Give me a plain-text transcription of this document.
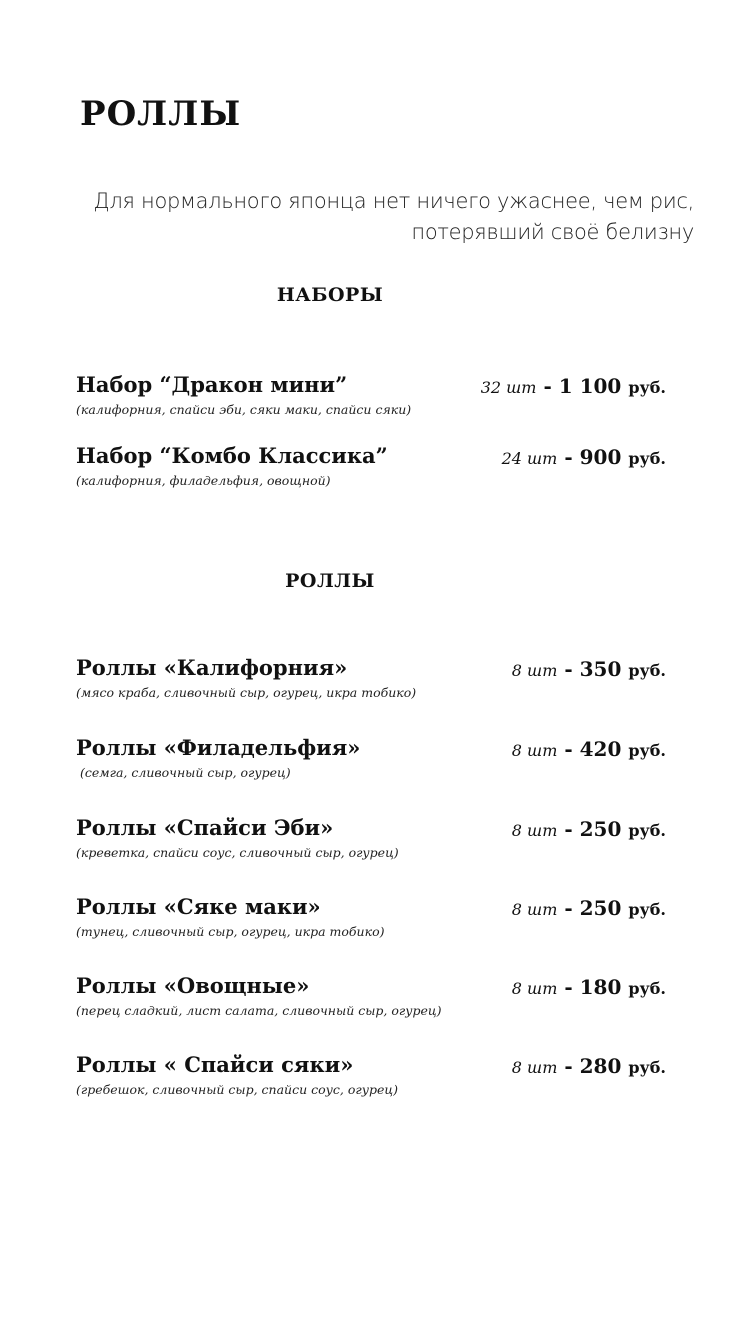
РОЛЛЫ
Для нормального японца нет ничего ужаснее, чем рис, потерявший своё белизну
НАБОРЫ
Набор “Дракон мини”
(калифорния, спайси эби, сяки маки, спайси сяки)
32 шт - 1 100 руб.
Набор “Комбо Классика”
(калифорния, филадельфия, овощной)
24 шт - 900 руб.
РОЛЛЫ
Роллы «Калифорния»
(мясо краба, сливочный сыр, огурец, икра тобико)
8 шт - 350 руб.
Роллы «Филадельфия»
(семга, сливочный сыр, огурец)
8 шт - 420 руб.
Роллы «Спайси Эби»
(креветка, спайси соус, сливочный сыр, огурец)
8 шт - 250 руб.
Роллы «Сяке маки»
(тунец, сливочный сыр, огурец, икра тобико)
8 шт - 250 руб.
Роллы «Овощные»
(перец сладкий, лист салата, сливочный сыр, огурец)
8 шт - 180 руб.
Роллы « Спайси сяки»
(гребешок, сливочный сыр, спайси соус, огурец)
8 шт - 280 руб.
